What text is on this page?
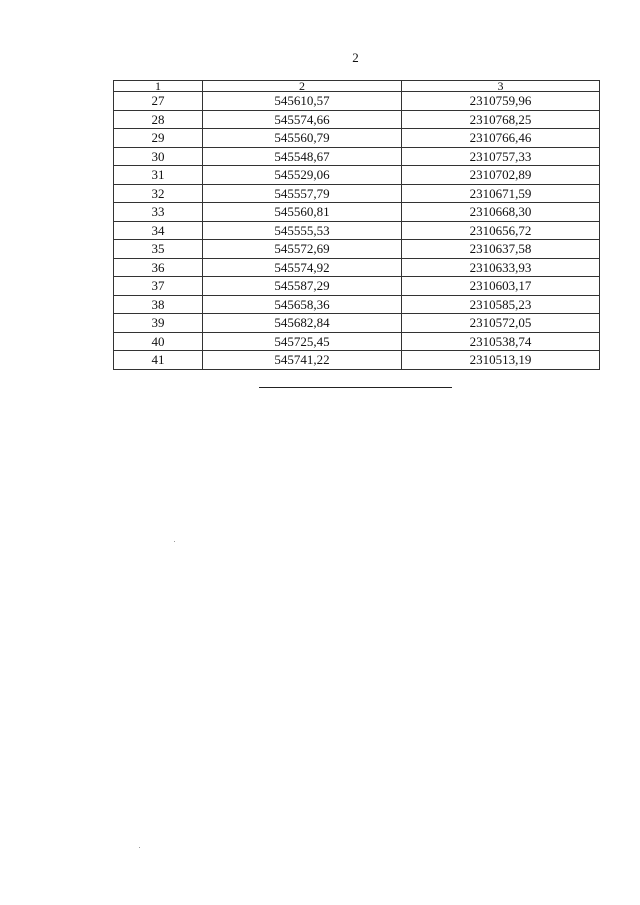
2
1	2	3
27	545610,57	2310759,96
28	545574,66	2310768,25
29	545560,79	2310766,46
30	545548,67	2310757,33
31	545529,06	2310702,89
32	545557,79	2310671,59
33	545560,81	2310668,30
34	545555,53	2310656,72
35	545572,69	2310637,58
36	545574,92	2310633,93
37	545587,29	2310603,17
38	545658,36	2310585,23
39	545682,84	2310572,05
40	545725,45	2310538,74
41	545741,22	2310513,19
